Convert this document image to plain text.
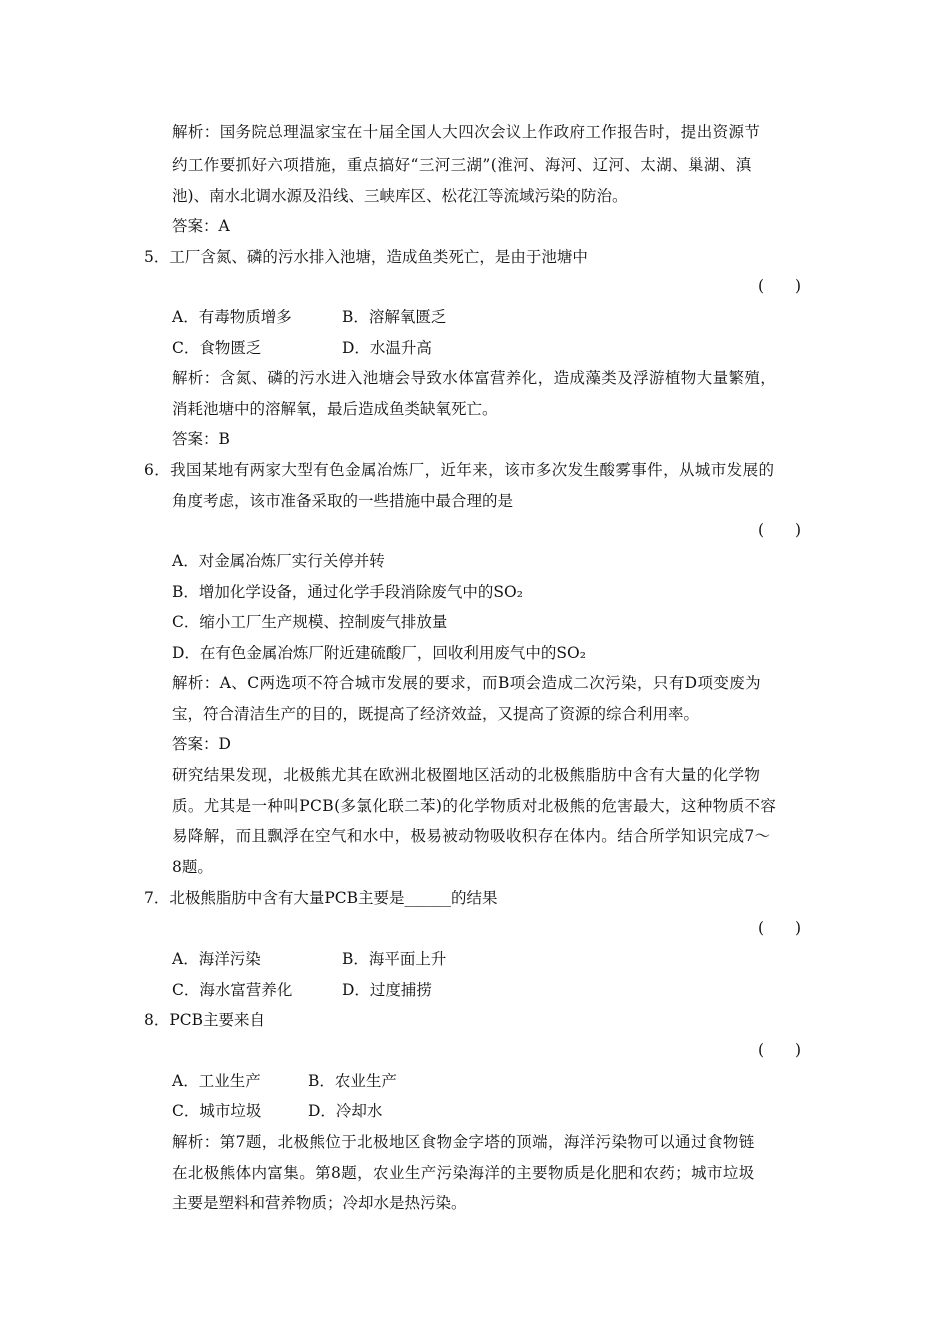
解析：国务院总理温家宝在十届全国人大四次会议上作政府工作报告时，提出资源节
约工作要抓好六项措施，重点搞好“三河三湖”(淮河、海河、辽河、太湖、巢湖、滇
池)、南水北调水源及沿线、三峡库区、松花江等流域污染的防治。
答案：A
5．工厂含氮、磷的污水排入池塘，造成鱼类死亡，是由于池塘中
(　　)
A．有毒物质增多	B．溶解氧匮乏
C．食物匮乏	D．水温升高
解析：含氮、磷的污水进入池塘会导致水体富营养化，造成藻类及浮游植物大量繁殖，
消耗池塘中的溶解氧，最后造成鱼类缺氧死亡。
答案：B
6．我国某地有两家大型有色金属冶炼厂，近年来，该市多次发生酸雾事件，从城市发展的
角度考虑，该市准备采取的一些措施中最合理的是
(　　)
A．对金属冶炼厂实行关停并转
B．增加化学设备，通过化学手段消除废气中的SO₂
C．缩小工厂生产规模、控制废气排放量
D．在有色金属冶炼厂附近建硫酸厂，回收利用废气中的SO₂
解析：A、C两选项不符合城市发展的要求，而B项会造成二次污染，只有D项变废为
宝，符合清洁生产的目的，既提高了经济效益，又提高了资源的综合利用率。
答案：D
研究结果发现，北极熊尤其在欧洲北极圈地区活动的北极熊脂肪中含有大量的化学物
质。尤其是一种叫PCB(多氯化联二苯)的化学物质对北极熊的危害最大，这种物质不容
易降解，而且飘浮在空气和水中，极易被动物吸收积存在体内。结合所学知识完成7～
8题。
7．北极熊脂肪中含有大量PCB主要是______的结果
(　　)
A．海洋污染	B．海平面上升
C．海水富营养化	D．过度捕捞
8．PCB主要来自
(　　)
A．工业生产	B．农业生产
C．城市垃圾	D．冷却水
解析：第7题，北极熊位于北极地区食物金字塔的顶端，海洋污染物可以通过食物链
在北极熊体内富集。第8题，农业生产污染海洋的主要物质是化肥和农药；城市垃圾
主要是塑料和营养物质；冷却水是热污染。
